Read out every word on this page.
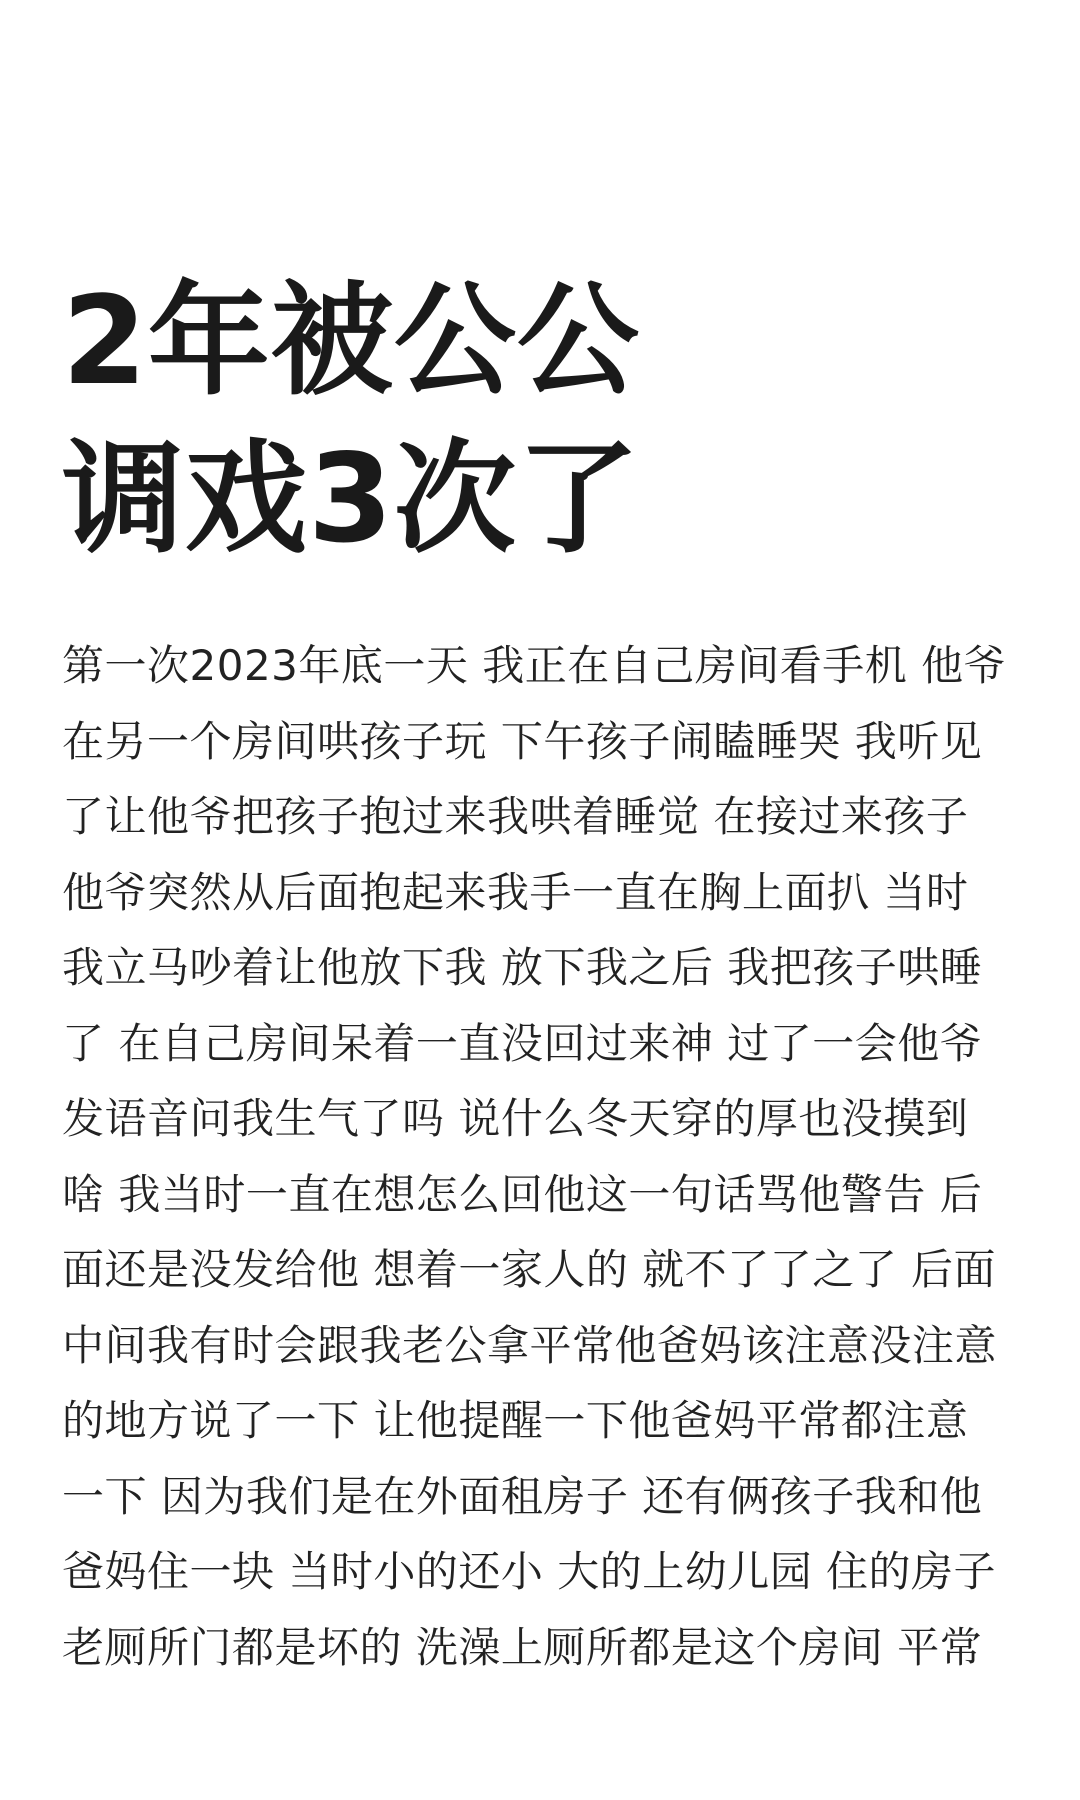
2年被公公
调戏3次了
第一次2023年底一天 我正在自己房间看手机 他爷
在另一个房间哄孩子玩 下午孩子闹瞌睡哭 我听见
了让他爷把孩子抱过来我哄着睡觉 在接过来孩子
他爷突然从后面抱起来我手一直在胸上面扒 当时
我立马吵着让他放下我 放下我之后 我把孩子哄睡
了 在自己房间呆着一直没回过来神 过了一会他爷
发语音问我生气了吗 说什么冬天穿的厚也没摸到
啥 我当时一直在想怎么回他这一句话骂他警告 后
面还是没发给他 想着一家人的 就不了了之了 后面
中间我有时会跟我老公拿平常他爸妈该注意没注意
的地方说了一下 让他提醒一下他爸妈平常都注意
一下 因为我们是在外面租房子 还有俩孩子我和他
爸妈住一块 当时小的还小 大的上幼儿园 住的房子
老厕所门都是坏的 洗澡上厕所都是这个房间 平常
